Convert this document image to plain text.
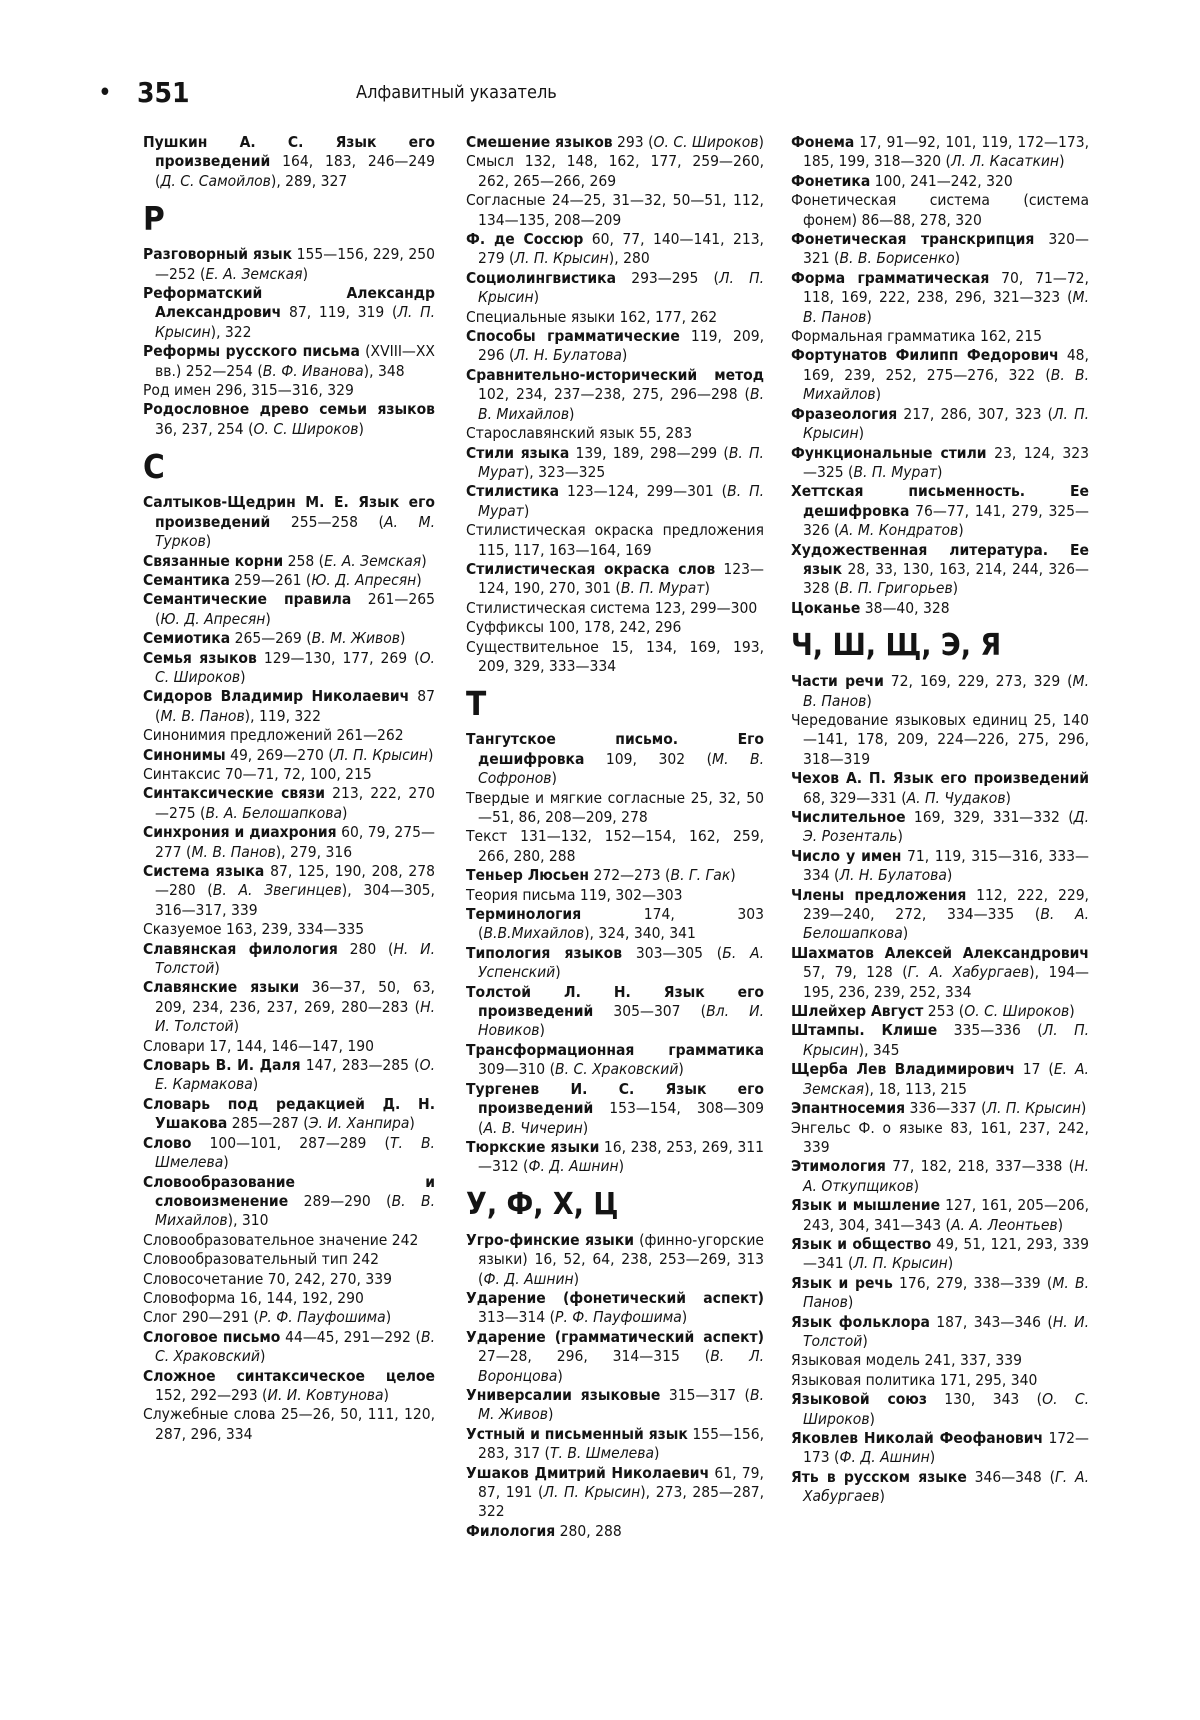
• 351	Алфавитный указатель
Пушкин А. С. Язык его произведений 164, 183, 246—249 (Д. С. Самойлов), 289, 327
Р
Разговорный язык 155—156, 229, 250—252 (Е. А. Земская)
Реформатский Александр Александрович 87, 119, 319 (Л. П. Крысин), 322
Реформы русского письма (XVIII—XX вв.) 252—254 (В. Ф. Иванова), 348
Род имен 296, 315—316, 329
Родословное древо семьи языков 36, 237, 254 (О. С. Широков)
С
Салтыков-Щедрин М. Е. Язык его произведений 255—258 (А. М. Турков)
Связанные корни 258 (Е. А. Земская)
Семантика 259—261 (Ю. Д. Апресян)
Семантические правила 261—265 (Ю. Д. Апресян)
Семиотика 265—269 (В. М. Живов)
Семья языков 129—130, 177, 269 (О. С. Широков)
Сидоров Владимир Николаевич 87 (М. В. Панов), 119, 322
Синонимия предложений 261—262
Синонимы 49, 269—270 (Л. П. Крысин)
Синтаксис 70—71, 72, 100, 215
Синтаксические связи 213, 222, 270—275 (В. А. Белошапкова)
Синхрония и диахрония 60, 79, 275—277 (М. В. Панов), 279, 316
Система языка 87, 125, 190, 208, 278—280 (В. А. Звегинцев), 304—305, 316—317, 339
Сказуемое 163, 239, 334—335
Славянская филология 280 (Н. И. Толстой)
Славянские языки 36—37, 50, 63, 209, 234, 236, 237, 269, 280—283 (Н. И. Толстой)
Словари 17, 144, 146—147, 190
Словарь В. И. Даля 147, 283—285 (О. Е. Кармакова)
Словарь под редакцией Д. Н. Ушакова 285—287 (Э. И. Ханпира)
Слово 100—101, 287—289 (Т. В. Шмелева)
Словообразование и словоизменение 289—290 (В. В. Михайлов), 310
Словообразовательное значение 242
Словообразовательный тип 242
Словосочетание 70, 242, 270, 339
Словоформа 16, 144, 192, 290
Слог 290—291 (Р. Ф. Пауфошима)
Слоговое письмо 44—45, 291—292 (В. С. Храковский)
Сложное синтаксическое целое 152, 292—293 (И. И. Ковтунова)
Служебные слова 25—26, 50, 111, 120, 287, 296, 334
Смешение языков 293 (О. С. Широков)
Смысл 132, 148, 162, 177, 259—260, 262, 265—266, 269
Согласные 24—25, 31—32, 50—51, 112, 134—135, 208—209
Ф. де Соссюр 60, 77, 140—141, 213, 279 (Л. П. Крысин), 280
Социолингвистика 293—295 (Л. П. Крысин)
Специальные языки 162, 177, 262
Способы грамматические 119, 209, 296 (Л. Н. Булатова)
Сравнительно-исторический метод 102, 234, 237—238, 275, 296—298 (В. В. Михайлов)
Старославянский язык 55, 283
Стили языка 139, 189, 298—299 (В. П. Мурат), 323—325
Стилистика 123—124, 299—301 (В. П. Мурат)
Стилистическая окраска предложения 115, 117, 163—164, 169
Стилистическая окраска слов 123—124, 190, 270, 301 (В. П. Мурат)
Стилистическая система 123, 299—300
Суффиксы 100, 178, 242, 296
Существительное 15, 134, 169, 193, 209, 329, 333—334
Т
Тангутское письмо. Его дешифровка 109, 302 (М. В. Софронов)
Твердые и мягкие согласные 25, 32, 50—51, 86, 208—209, 278
Текст 131—132, 152—154, 162, 259, 266, 280, 288
Теньер Люсьен 272—273 (В. Г. Гак)
Теория письма 119, 302—303
Терминология 174, 303 (В.В.Михайлов), 324, 340, 341
Типология языков 303—305 (Б. А. Успенский)
Толстой Л. Н. Язык его произведений 305—307 (Вл. И. Новиков)
Трансформационная грамматика 309—310 (В. С. Храковский)
Тургенев И. С. Язык его произведений 153—154, 308—309 (А. В. Чичерин)
Тюркские языки 16, 238, 253, 269, 311—312 (Ф. Д. Ашнин)
У, Ф, Х, Ц
Угро-финские языки (финно-угорские языки) 16, 52, 64, 238, 253—269, 313 (Ф. Д. Ашнин)
Ударение (фонетический аспект) 313—314 (Р. Ф. Пауфошима)
Ударение (грамматический аспект) 27—28, 296, 314—315 (В. Л. Воронцова)
Универсалии языковые 315—317 (В. М. Живов)
Устный и письменный язык 155—156, 283, 317 (Т. В. Шмелева)
Ушаков Дмитрий Николаевич 61, 79, 87, 191 (Л. П. Крысин), 273, 285—287, 322
Филология 280, 288
Фонема 17, 91—92, 101, 119, 172—173, 185, 199, 318—320 (Л. Л. Касаткин)
Фонетика 100, 241—242, 320
Фонетическая система (система фонем) 86—88, 278, 320
Фонетическая транскрипция 320—321 (В. В. Борисенко)
Форма грамматическая 70, 71—72, 118, 169, 222, 238, 296, 321—323 (М. В. Панов)
Формальная грамматика 162, 215
Фортунатов Филипп Федорович 48, 169, 239, 252, 275—276, 322 (В. В. Михайлов)
Фразеология 217, 286, 307, 323 (Л. П. Крысин)
Функциональные стили 23, 124, 323—325 (В. П. Мурат)
Хеттская письменность. Ее дешифровка 76—77, 141, 279, 325—326 (А. М. Кондратов)
Художественная литература. Ее язык 28, 33, 130, 163, 214, 244, 326—328 (В. П. Григорьев)
Цоканье 38—40, 328
Ч, Ш, Щ, Э, Я
Части речи 72, 169, 229, 273, 329 (М. В. Панов)
Чередование языковых единиц 25, 140—141, 178, 209, 224—226, 275, 296, 318—319
Чехов А. П. Язык его произведений 68, 329—331 (А. П. Чудаков)
Числительное 169, 329, 331—332 (Д. Э. Розенталь)
Число у имен 71, 119, 315—316, 333—334 (Л. Н. Булатова)
Члены предложения 112, 222, 229, 239—240, 272, 334—335 (В. А. Белошапкова)
Шахматов Алексей Александрович 57, 79, 128 (Г. А. Хабургаев), 194—195, 236, 239, 252, 334
Шлейхер Август 253 (О. С. Широков)
Штампы. Клише 335—336 (Л. П. Крысин), 345
Щерба Лев Владимирович 17 (Е. А. Земская), 18, 113, 215
Эпантносемия 336—337 (Л. П. Крысин)
Энгельс Ф. о языке 83, 161, 237, 242, 339
Этимология 77, 182, 218, 337—338 (Н. А. Откупщиков)
Язык и мышление 127, 161, 205—206, 243, 304, 341—343 (А. А. Леонтьев)
Язык и общество 49, 51, 121, 293, 339—341 (Л. П. Крысин)
Язык и речь 176, 279, 338—339 (М. В. Панов)
Язык фольклора 187, 343—346 (Н. И. Толстой)
Языковая модель 241, 337, 339
Языковая политика 171, 295, 340
Языковой союз 130, 343 (О. С. Широков)
Яковлев Николай Феофанович 172—173 (Ф. Д. Ашнин)
Ять в русском языке 346—348 (Г. А. Хабургаев)
